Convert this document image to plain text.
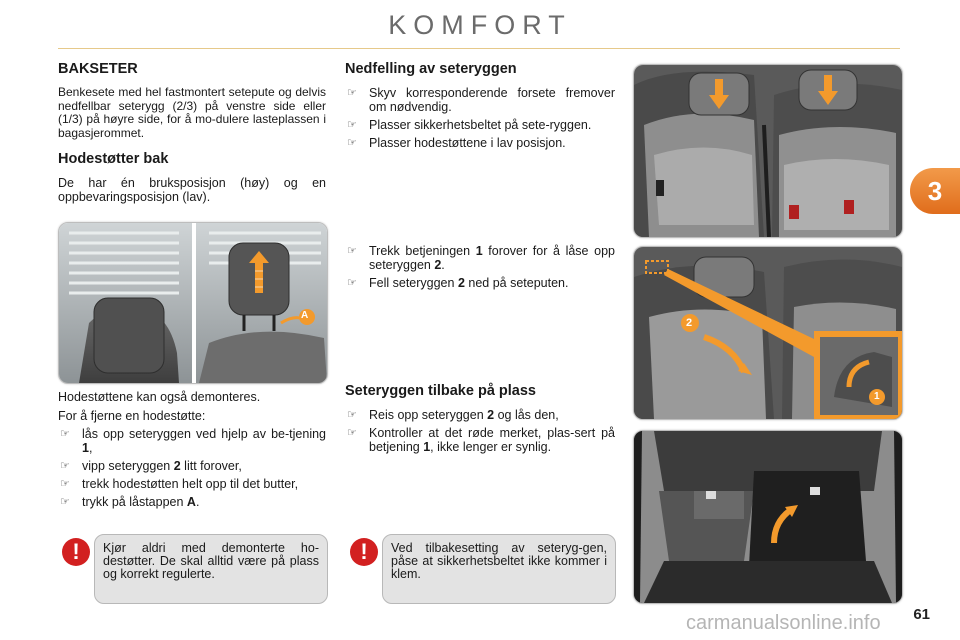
KOMFORT
3
BAKSETER

Benkesete med hel fastmontert setepute og delvis nedfellbar seterygg (2/3) på venstre side eller (1/3) på høyre side, for å mo-dulere lasteplassen i bagasjerommet.

Hodestøtter bak

De har én bruksposisjon (høy) og en oppbevaringsposisjon (lav).

A

Hodestøttene kan også demonteres.

For å fjerne en hodestøtte:

☞ lås opp seteryggen ved hjelp av be-tjening 1,
☞ vipp seteryggen 2 litt forover,
☞ trekk hodestøtten helt opp til det butter,
☞ trykk på låstappen A.

Kjør aldri med demonterte ho-destøtter. De skal alltid være på plass og korrekt regulerte.

!
Nedfelling av seteryggen
☞ Skyv korresponderende forsete fremover om nødvendig.
☞ Plasser sikkerhetsbeltet på sete-ryggen.
☞ Plasser hodestøttene i lav posisjon.
☞ Trekk betjeningen 1 forover for å låse opp seteryggen 2.
☞ Fell seteryggen 2 ned på seteputen.
Seteryggen tilbake på plass
☞ Reis opp seteryggen 2 og lås den,
☞ Kontroller at det røde merket, plas-sert på betjening 1, ikke lenger er synlig.

Ved tilbakesetting av seteryg-gen, påse at sikkerhetsbeltet ikke kommer i klem.

!
2
1
61
carmanualsonline.info
